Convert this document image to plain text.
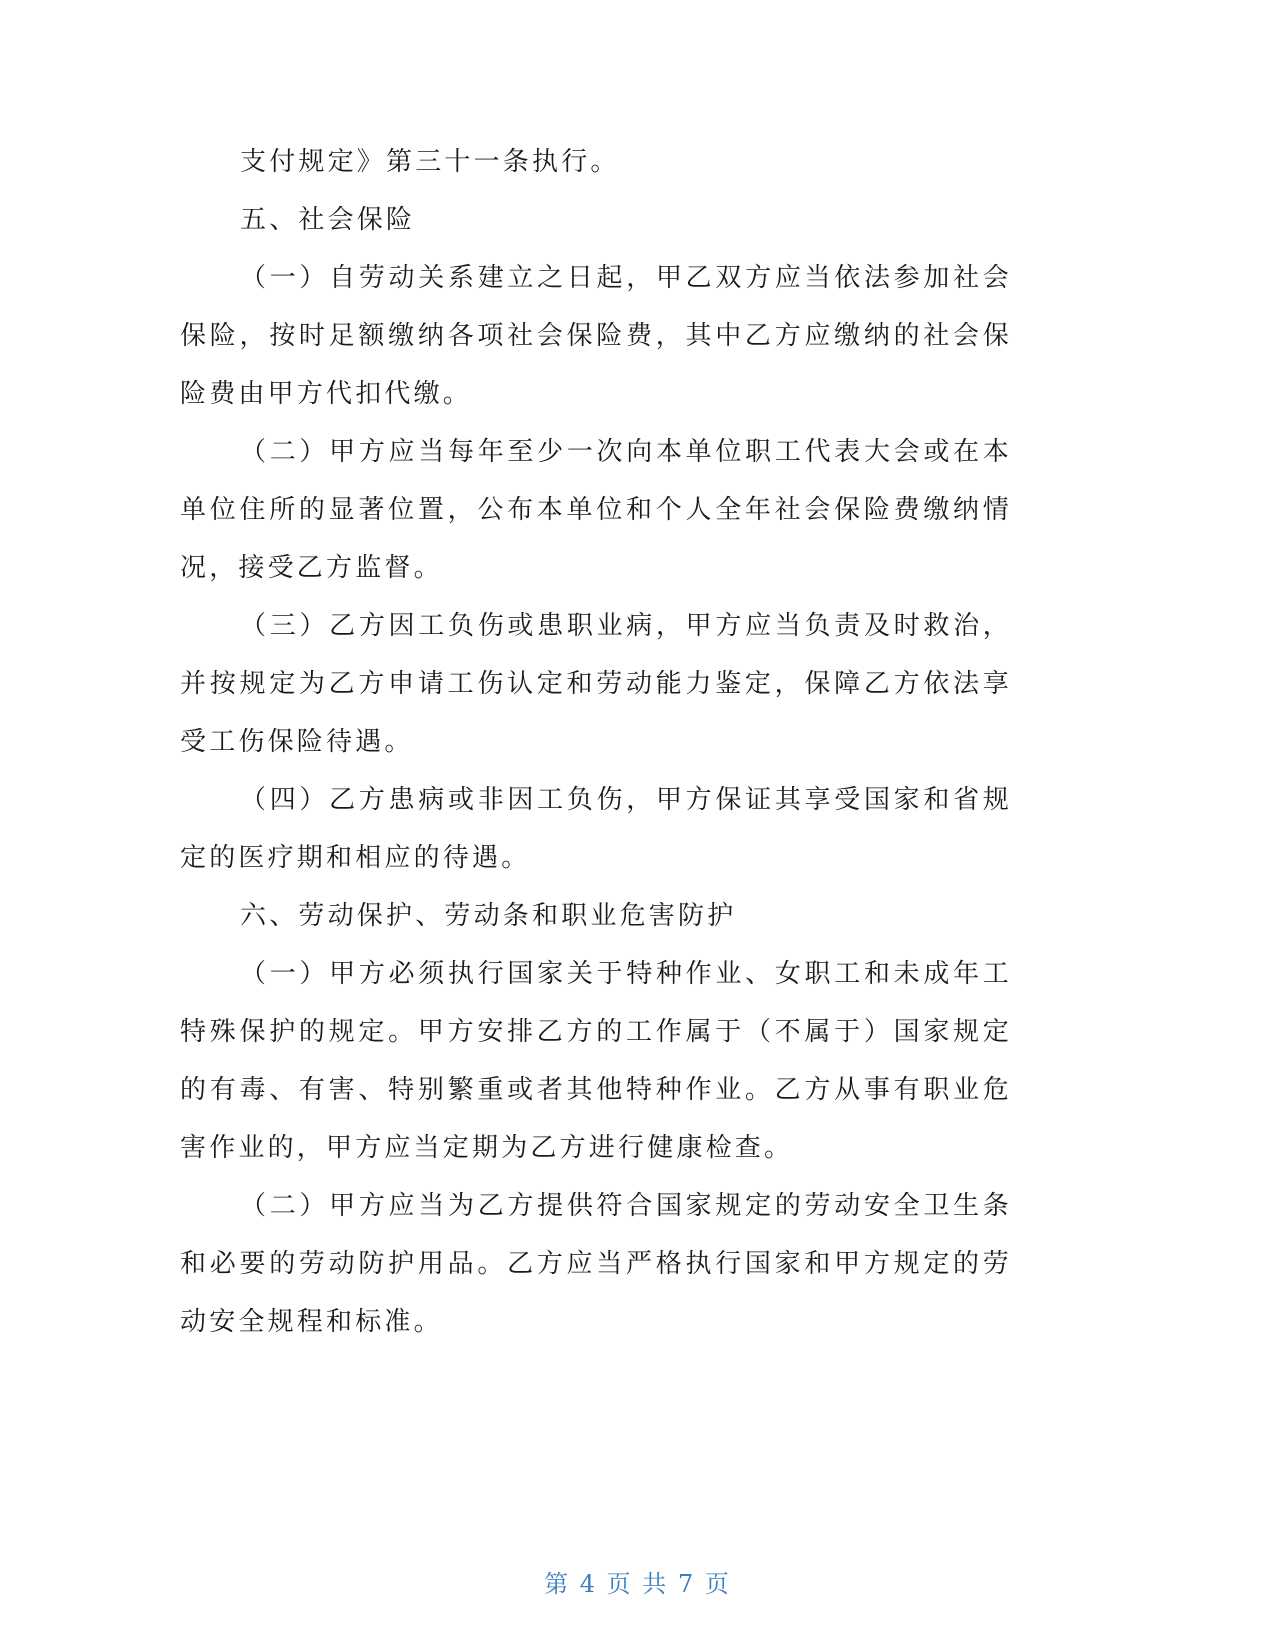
支付规定》第三十一条执行。

五、社会保险

（一）自劳动关系建立之日起，甲乙双方应当依法参加社会保险，按时足额缴纳各项社会保险费，其中乙方应缴纳的社会保险费由甲方代扣代缴。

（二）甲方应当每年至少一次向本单位职工代表大会或在本单位住所的显著位置，公布本单位和个人全年社会保险费缴纳情况，接受乙方监督。

（三）乙方因工负伤或患职业病，甲方应当负责及时救治，并按规定为乙方申请工伤认定和劳动能力鉴定，保障乙方依法享受工伤保险待遇。

（四）乙方患病或非因工负伤，甲方保证其享受国家和省规定的医疗期和相应的待遇。

六、劳动保护、劳动条和职业危害防护

（一）甲方必须执行国家关于特种作业、女职工和未成年工特殊保护的规定。甲方安排乙方的工作属于（不属于）国家规定的有毒、有害、特别繁重或者其他特种作业。乙方从事有职业危害作业的，甲方应当定期为乙方进行健康检查。

（二）甲方应当为乙方提供符合国家规定的劳动安全卫生条和必要的劳动防护用品。乙方应当严格执行国家和甲方规定的劳动安全规程和标准。

第 4 页 共 7 页
